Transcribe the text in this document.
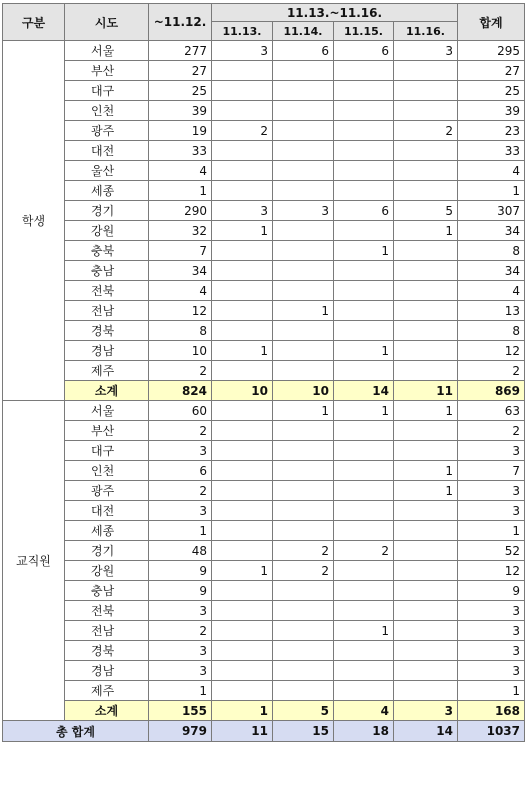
구분	시도	~11.12.	11.13.~11.16.				합계
			11.13.	11.14.	11.15.	11.16.	
학생	서울	277	3	6	6	3	295
	부산	27					27
	대구	25					25
	인천	39					39
	광주	19	2			2	23
	대전	33					33
	울산	4					4
	세종	1					1
	경기	290	3	3	6	5	307
	강원	32	1			1	34
	충북	7			1		8
	충남	34					34
	전북	4					4
	전남	12		1			13
	경북	8					8
	경남	10	1		1		12
	제주	2					2
	소계	824	10	10	14	11	869
교직원	서울	60		1	1	1	63
	부산	2					2
	대구	3					3
	인천	6				1	7
	광주	2				1	3
	대전	3					3
	세종	1					1
	경기	48		2	2		52
	강원	9	1	2			12
	충남	9					9
	전북	3					3
	전남	2			1		3
	경북	3					3
	경남	3					3
	제주	1					1
	소계	155	1	5	4	3	168
총 합계		979	11	15	18	14	1037
